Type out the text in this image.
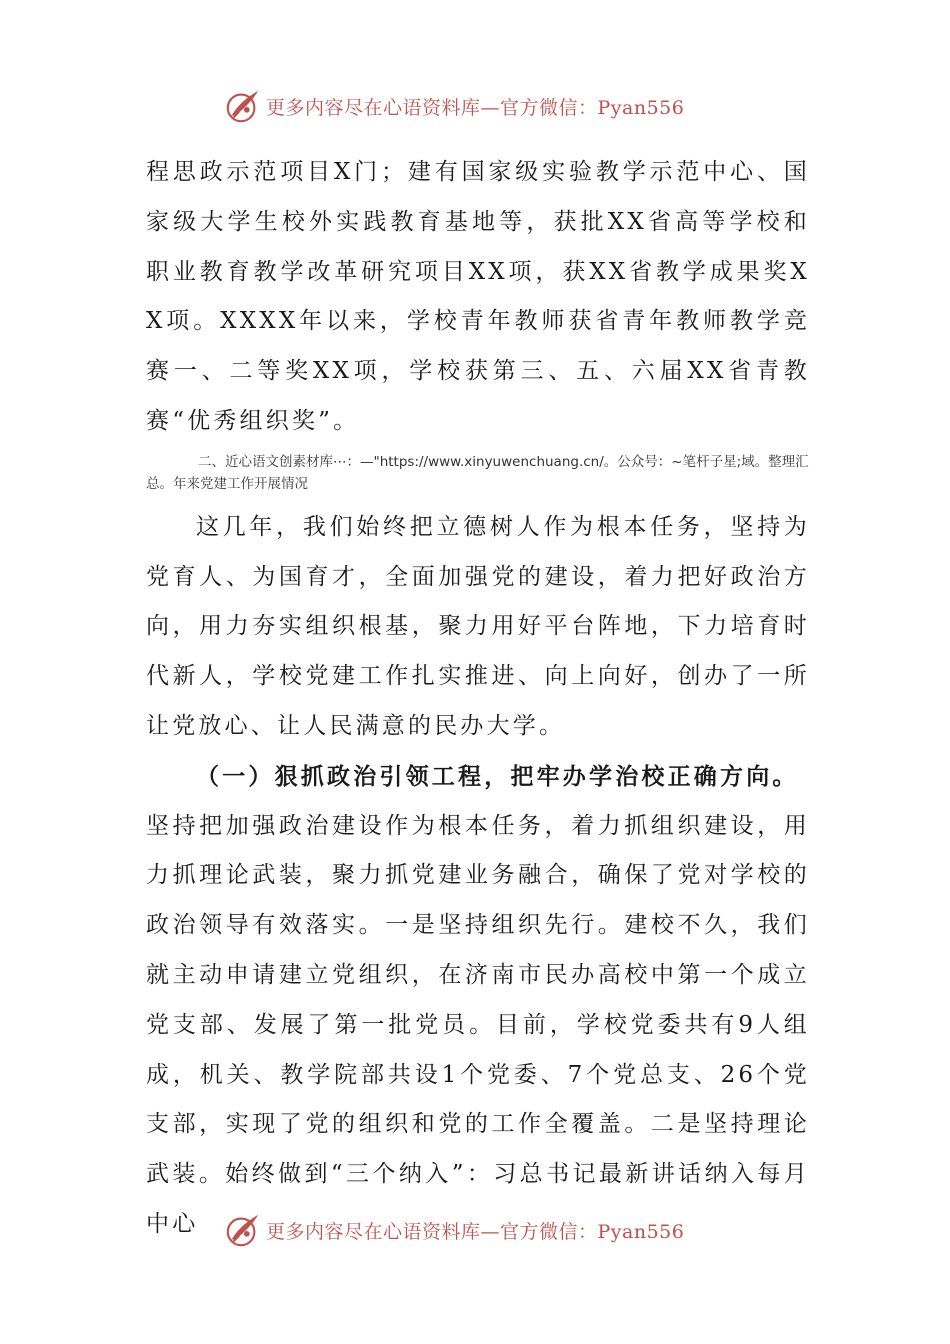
更多内容尽在心语资料库—官方微信：Pyan556

程思政示范项目X门；建有国家级实验教学示范中心、国家级大学生校外实践教育基地等，获批XX省高等学校和职业教育教学改革研究项目XX项，获XX省教学成果奖XX项。XXXX年以来，学校青年教师获省青年教师教学竞赛一、二等奖XX项，学校获第三、五、六届XX省青教赛“优秀组织奖”。

二、近心语文创素材库⋯：—"https://www.xinyuwenchuang.cn/。公众号：~笔杆子星;域。整理汇总。年来党建工作开展情况

这几年，我们始终把立德树人作为根本任务，坚持为党育人、为国育才，全面加强党的建设，着力把好政治方向，用力夯实组织根基，聚力用好平台阵地，下力培育时代新人，学校党建工作扎实推进、向上向好，创办了一所让党放心、让人民满意的民办大学。

（一）狠抓政治引领工程，把牢办学治校正确方向。

坚持把加强政治建设作为根本任务，着力抓组织建设，用力抓理论武装，聚力抓党建业务融合，确保了党对学校的政治领导有效落实。一是坚持组织先行。建校不久，我们就主动申请建立党组织，在济南市民办高校中第一个成立党支部、发展了第一批党员。目前，学校党委共有9人组成，机关、教学院部共设1个党委、7个党总支、26个党支部，实现了党的组织和党的工作全覆盖。二是坚持理论武装。始终做到“三个纳入”：习总书记最新讲话纳入每月中心	更多内容尽在心语资料库—官方微信：Pyan556
